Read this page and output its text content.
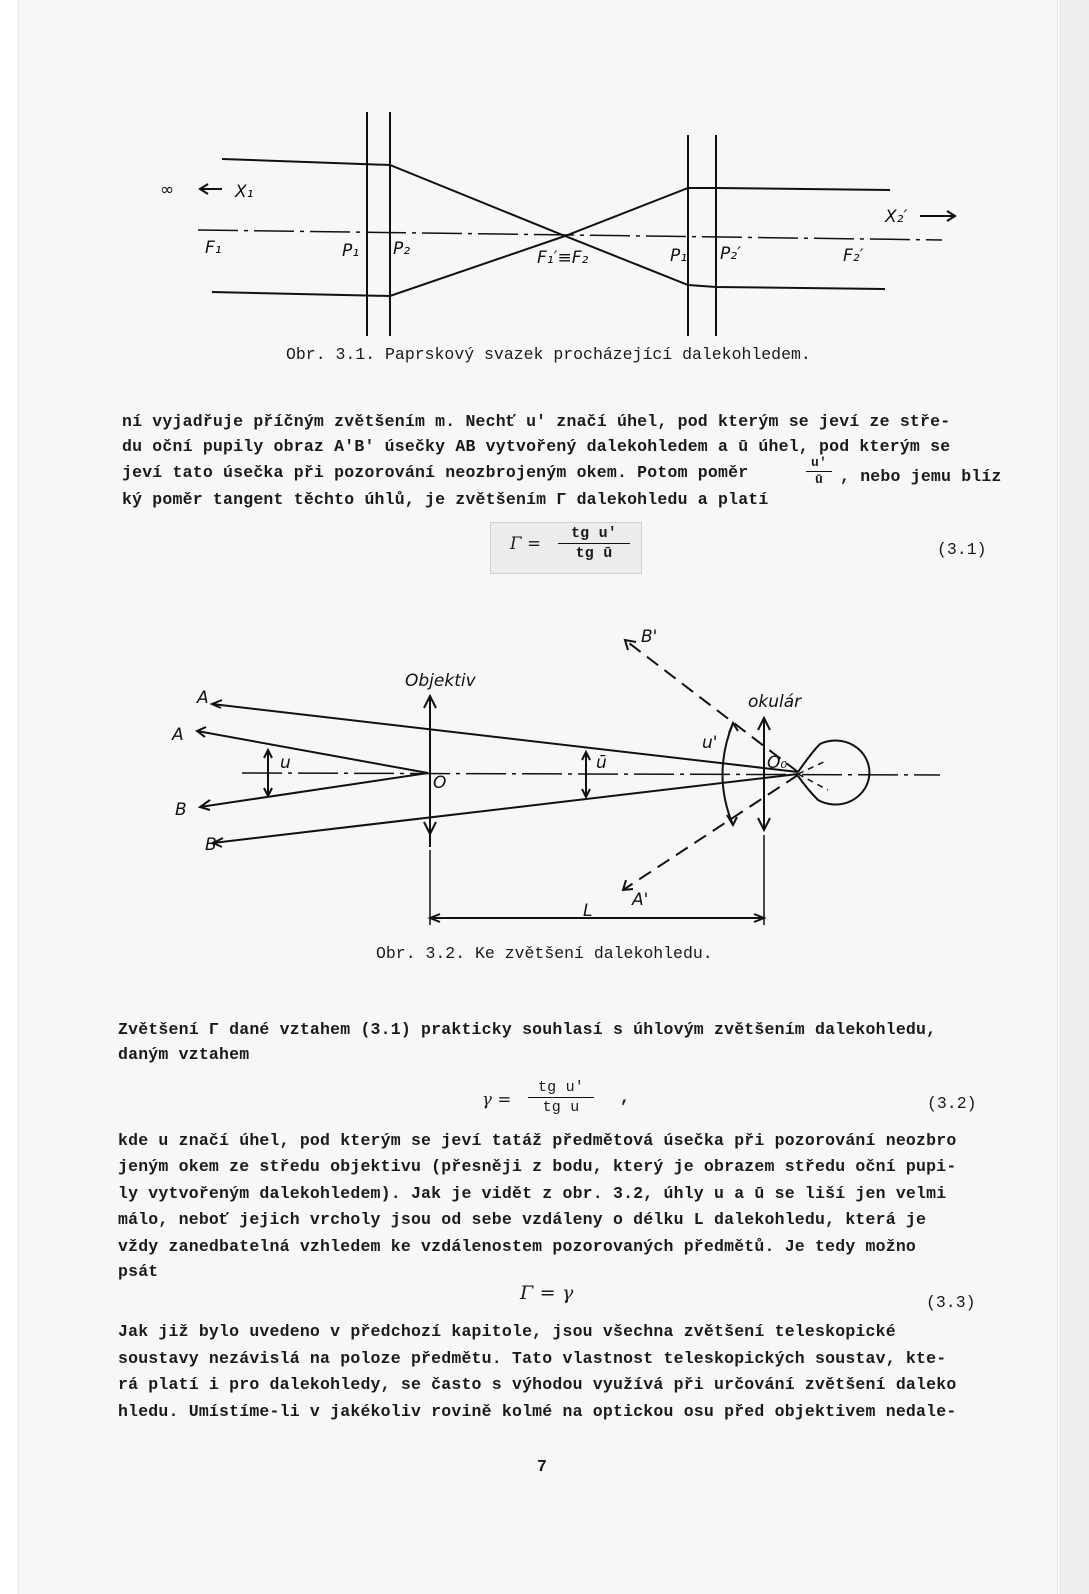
∞	X₁
X₂′
F₁	P₁ P₂	F₁′≡F₂	P₁ P₂′	F₂′
Obr. 3.1. Paprskový svazek procházející dalekohledem.
ní vyjadřuje příčným zvětšením m. Nechť u' značí úhel, pod kterým se jeví ze stře-
du oční pupily obraz A'B' úsečky AB vytvořený dalekohledem a ū úhel, pod kterým se
jeví tato úsečka při pozorování neozbrojeným okem. Potom poměr	$\frac{u'}{ū}$ , nebo jemu blíz
ký poměr tangent těchto úhlů, je zvětšením Γ dalekohledu a platí
$\Gamma = \frac{\text{tg u'}}{\text{tg ū}}$	(3.1)
Objektiv
okulár
A
A
B
B
u	ū
u'
O
O₀
B'
A'
L
Obr. 3.2. Ke zvětšení dalekohledu.
Zvětšení Γ dané vztahem (3.1) prakticky souhlasí s úhlovým zvětšením dalekohledu,
daným vztahem
$\gamma = \frac{\text{tg u'}}{\text{tg u}}$ ,	(3.2)
kde u značí úhel, pod kterým se jeví tatáž předmětová úsečka při pozorování neozbro
jeným okem ze středu objektivu (přesněji z bodu, který je obrazem středu oční pupi-
ly vytvořeným dalekohledem). Jak je vidět z obr. 3.2, úhly u a ū se liší jen velmi
málo, neboť jejich vrcholy jsou od sebe vzdáleny o délku L dalekohledu, která je
vždy zanedbatelná vzhledem ke vzdálenostem pozorovaných předmětů. Je tedy možno
psát
Γ = γ	(3.3)
Jak již bylo uvedeno v předchozí kapitole, jsou všechna zvětšení teleskopické
soustavy nezávislá na poloze předmětu. Tato vlastnost teleskopických soustav, kte-
rá platí i pro dalekohledy, se často s výhodou využívá při určování zvětšení daleko
hledu. Umístíme-li v jakékoliv rovině kolmé na optickou osu před objektivem nedale-
7
